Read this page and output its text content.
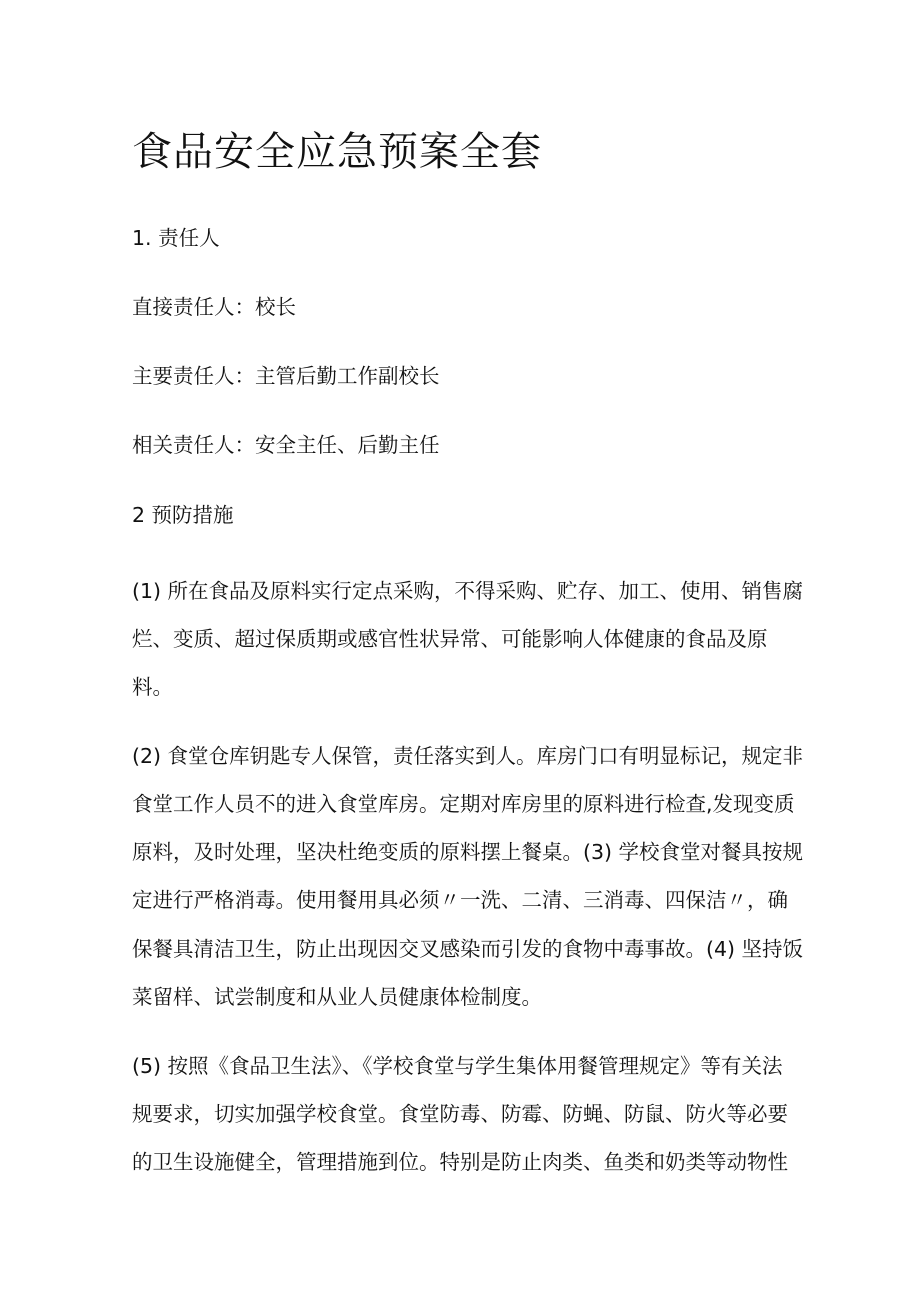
食品安全应急预案全套

1. 责任人

直接责任人：校长

主要责任人：主管后勤工作副校长

相关责任人：安全主任、后勤主任

2 预防措施

(1) 所在食品及原料实行定点采购，不得采购、贮存、加工、使用、销售腐

烂、变质、超过保质期或感官性状异常、可能影响人体健康的食品及原

料。

(2) 食堂仓库钥匙专人保管，责任落实到人。库房门口有明显标记，规定非

食堂工作人员不的进入食堂库房。定期对库房里的原料进行检查,发现变质

原料，及时处理，坚决杜绝变质的原料摆上餐桌。(3) 学校食堂对餐具按规

定进行严格消毒。使用餐用具必须〃一洗、二清、三消毒、四保洁〃，确

保餐具清洁卫生，防止出现因交叉感染而引发的食物中毒事故。(4) 坚持饭

菜留样、试尝制度和从业人员健康体检制度。

(5) 按照《食品卫生法》、《学校食堂与学生集体用餐管理规定》等有关法

规要求，切实加强学校食堂。食堂防毒、防霉、防蝇、防鼠、防火等必要

的卫生设施健全，管理措施到位。特别是防止肉类、鱼类和奶类等动物性
